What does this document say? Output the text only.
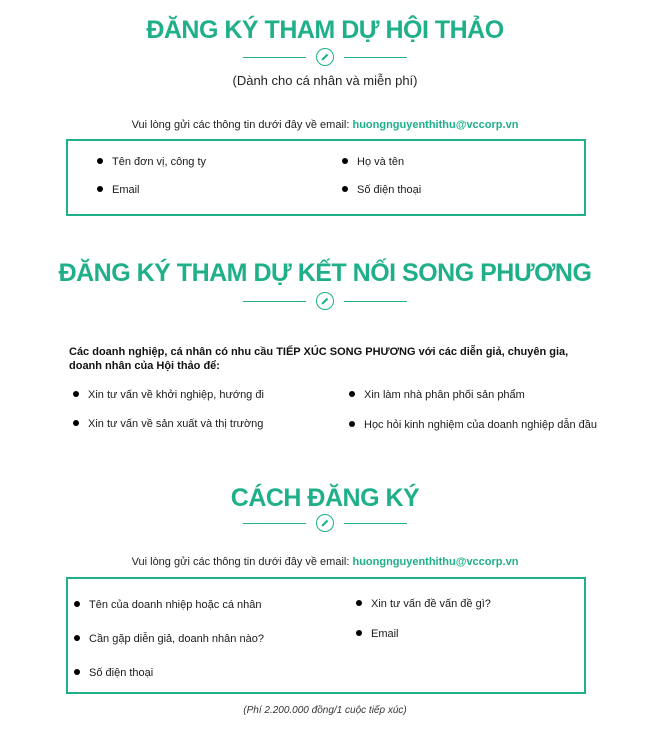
ĐĂNG KÝ THAM DỰ HỘI THẢO
(Dành cho cá nhân và miễn phí)
Vui lòng gửi các thông tin dưới đây về email: huongnguyenthithu@vccorp.vn
Tên đơn vị, công ty
Email
Họ và tên
Số điện thoại
ĐĂNG KÝ THAM DỰ KẾT NỐI SONG PHƯƠNG
Các doanh nghiệp, cá nhân có nhu cầu TIẾP XÚC SONG PHƯƠNG với các diễn giả, chuyên gia, doanh nhân của Hội thảo để:
Xin tư vấn về khởi nghiệp, hướng đi
Xin tư vấn về sản xuất và thị trường
Xin làm nhà phân phối sản phẩm
Học hỏi kinh nghiệm của doanh nghiệp dẫn đầu
CÁCH ĐĂNG KÝ
Vui lòng gửi các thông tin dưới đây về email: huongnguyenthithu@vccorp.vn
Tên của doanh nhiệp hoặc cá nhân
Cần gặp diễn giả, doanh nhân nào?
Số điện thoại
Xin tư vấn đề vấn đề gì?
Email
(Phí 2.200.000 đồng/1 cuộc tiếp xúc)
